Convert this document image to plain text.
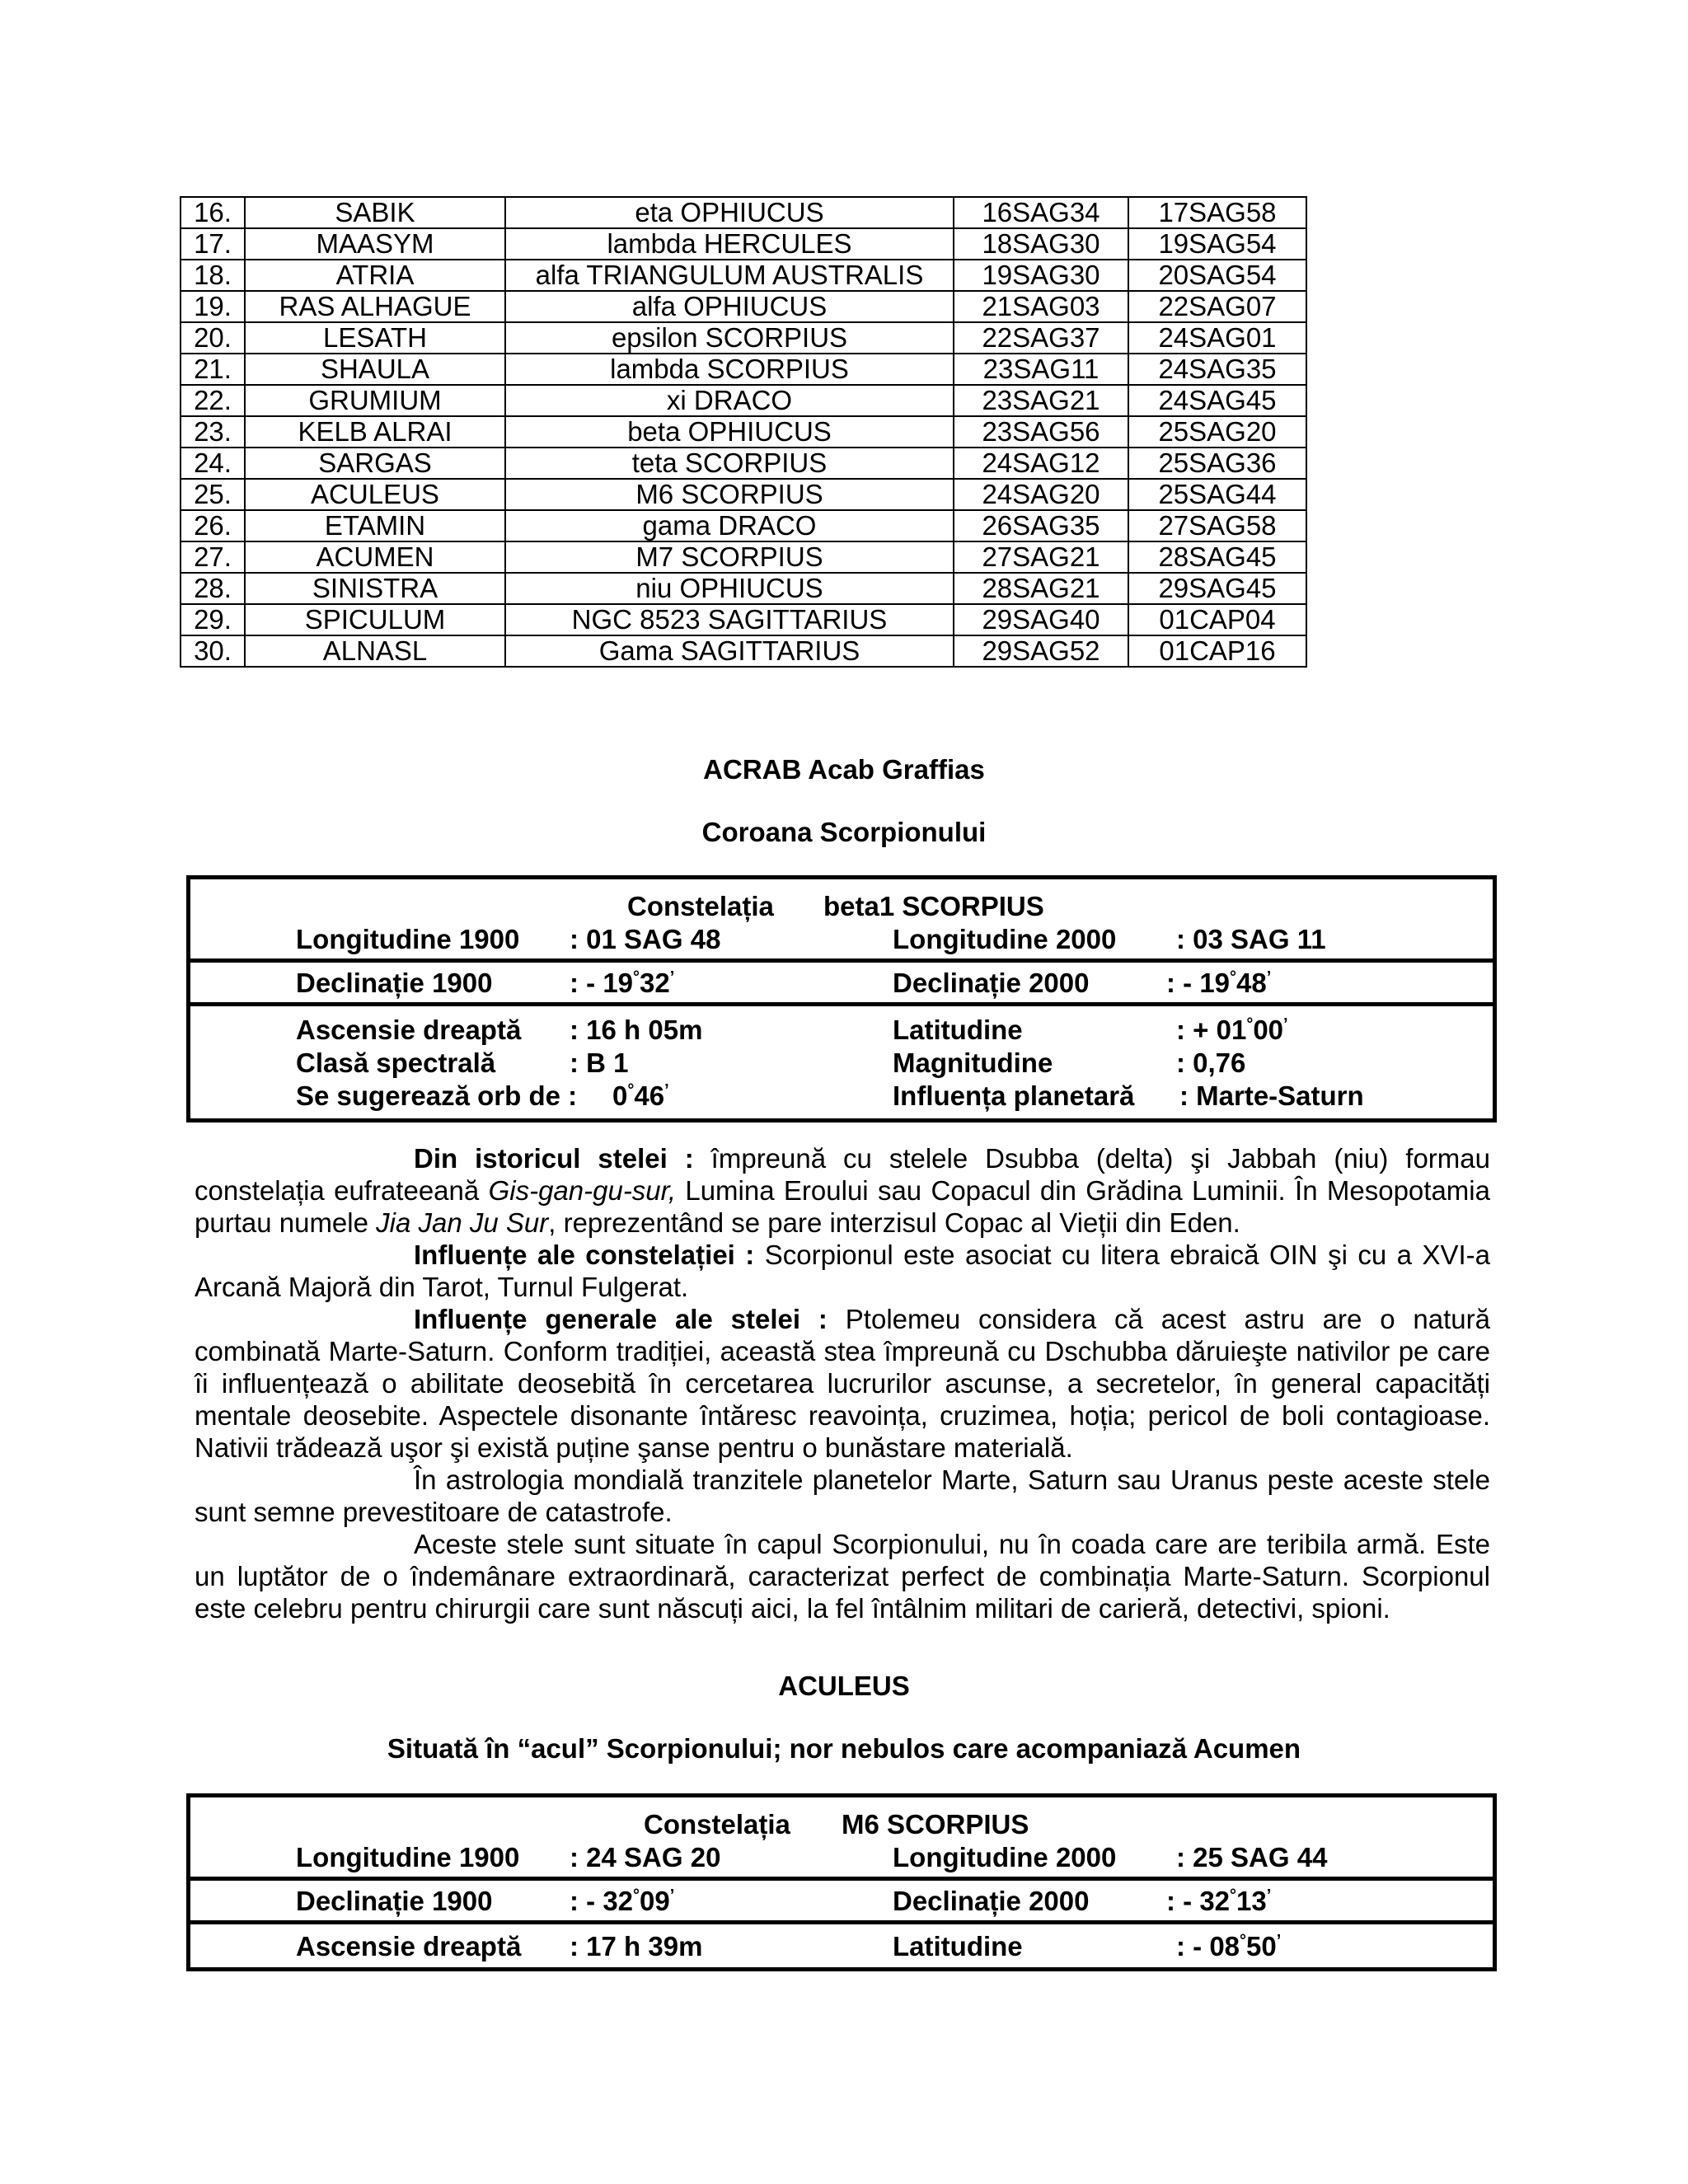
16.	SABIK	eta OPHIUCUS	16SAG34	17SAG58
17.	MAASYM	lambda HERCULES	18SAG30	19SAG54
18.	ATRIA	alfa TRIANGULUM AUSTRALIS	19SAG30	20SAG54
19.	RAS ALHAGUE	alfa OPHIUCUS	21SAG03	22SAG07
20.	LESATH	epsilon SCORPIUS	22SAG37	24SAG01
21.	SHAULA	lambda SCORPIUS	23SAG11	24SAG35
22.	GRUMIUM	xi DRACO	23SAG21	24SAG45
23.	KELB ALRAI	beta OPHIUCUS	23SAG56	25SAG20
24.	SARGAS	teta SCORPIUS	24SAG12	25SAG36
25.	ACULEUS	M6 SCORPIUS	24SAG20	25SAG44
26.	ETAMIN	gama DRACO	26SAG35	27SAG58
27.	ACUMEN	M7 SCORPIUS	27SAG21	28SAG45
28.	SINISTRA	niu OPHIUCUS	28SAG21	29SAG45
29.	SPICULUM	NGC 8523 SAGITTARIUS	29SAG40	01CAP04
30.	ALNASL	Gama SAGITTARIUS	29SAG52	01CAP16
ACRAB Acab Graffias
Coroana Scorpionului
Constelația beta1 SCORPIUS
Longitudine 1900 : 01 SAG 48	Longitudine 2000 : 03 SAG 11
Declinație 1900	: - 19°32’	Declinație 2000	: - 19°48’
Ascensie dreaptă : 16 h 05m	Latitudine	: + 01°00’
Clasă spectrală	: B 1	Magnitudine	: 0,76
Se sugerează orb de : 0°46’	Influența planetară : Marte-Saturn

Din istoricul stelei : împreună cu stelele Dsubba (delta) şi Jabbah (niu) formau constelația eufrateeană Gis-gan-gu-sur, Lumina Eroului sau Copacul din Grădina Luminii. În Mesopotamia purtau numele Jia Jan Ju Sur, reprezentând se pare interzisul Copac al Vieții din Eden.

Influențe ale constelației : Scorpionul este asociat cu litera ebraică OIN şi cu a XVI-a Arcană Majoră din Tarot, Turnul Fulgerat.

Influențe generale ale stelei : Ptolemeu considera că acest astru are o natură combinată Marte-Saturn. Conform tradiției, această stea împreună cu Dschubba dăruieşte nativilor pe care îi influențează o abilitate deosebită în cercetarea lucrurilor ascunse, a secretelor, în general capacități mentale deosebite. Aspectele disonante întăresc reavoința, cruzimea, hoția; pericol de boli contagioase. Nativii trădează uşor şi există puține şanse pentru o bunăstare materială.

În astrologia mondială tranzitele planetelor Marte, Saturn sau Uranus peste aceste stele sunt semne prevestitoare de catastrofe.

Aceste stele sunt situate în capul Scorpionului, nu în coada care are teribila armă. Este un luptător de o îndemânare extraordinară, caracterizat perfect de combinația Marte-Saturn. Scorpionul este celebru pentru chirurgii care sunt născuți aici, la fel întâlnim militari de carieră, detectivi, spioni.

ACULEUS
Situată în “acul” Scorpionului; nor nebulos care acompaniază Acumen
Constelația M6 SCORPIUS
Longitudine 1900 : 24 SAG 20	Longitudine 2000 : 25 SAG 44
Declinație 1900	: - 32°09’	Declinație 2000	: - 32°13’
Ascensie dreaptă : 17 h 39m	Latitudine	: - 08°50’
